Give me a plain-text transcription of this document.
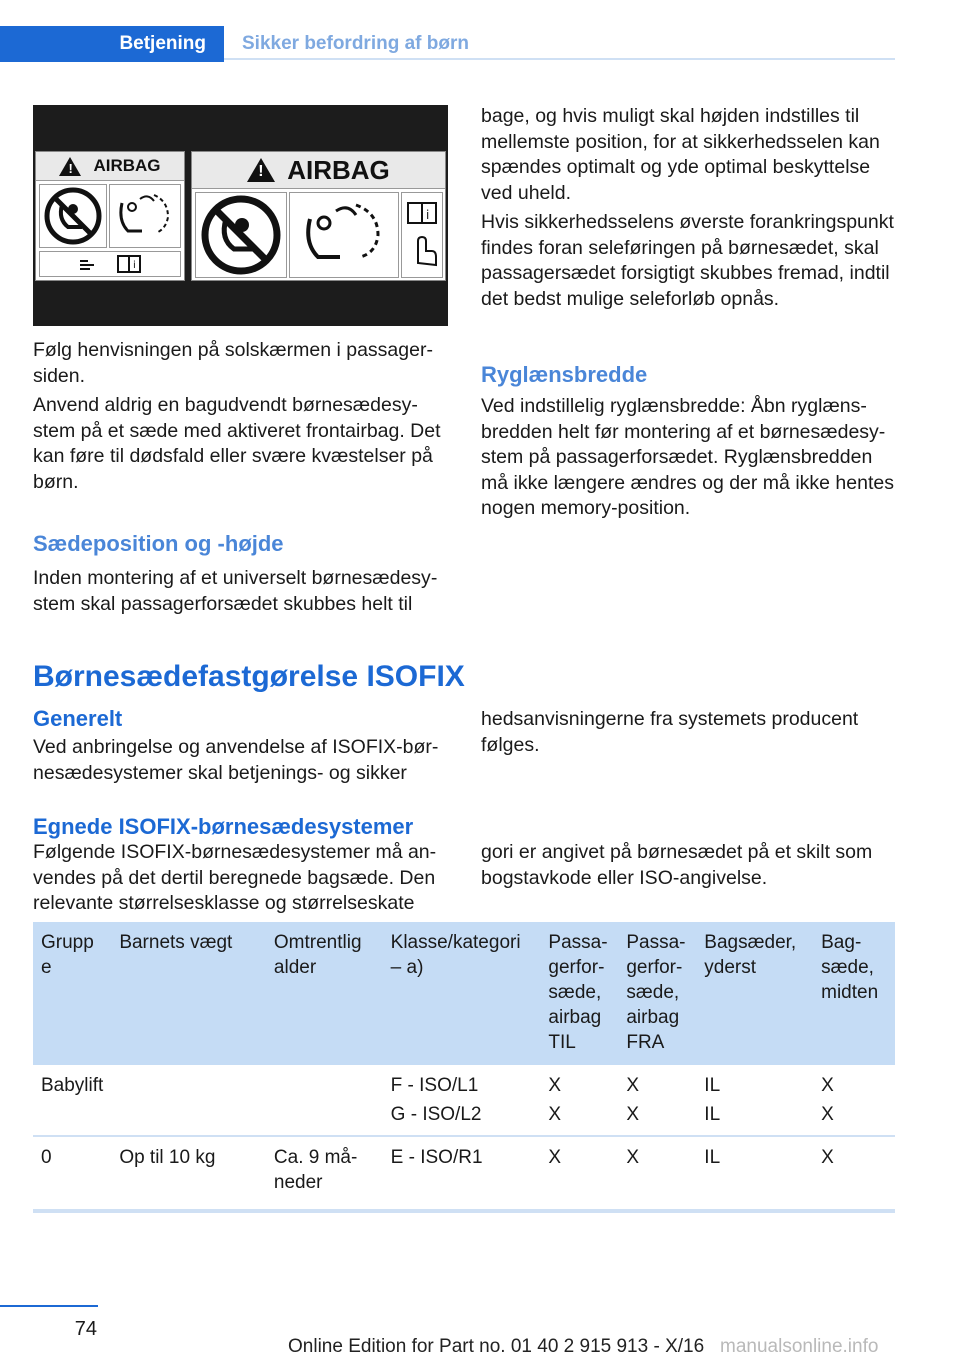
Betjening	Sikker befordring af børn
! AIRBAG
i
! AIRBAG
i

Følg henvisningen på solskærmen i passagersiden.

Anvend aldrig en bagudvendt børnesædesystem på et sæde med aktiveret frontairbag. Det kan føre til dødsfald eller svære kvæstelser på børn.

Sædeposition og -højde

Inden montering af et universelt børnesædesystem skal passagerforsædet skubbes helt til

bage, og hvis muligt skal højden indstilles til mellemste position, for at sikkerhedsselen kan spændes optimalt og yde optimal beskyttelse ved uheld.

Hvis sikkerhedsselens øverste forankringspunkt findes foran seleføringen på børnesædet, skal passagersædet forsigtigt skubbes fremad, indtil det bedst mulige seleforløb opnås.

Ryglænsbredde

Ved indstillelig ryglænsbredde: Åbn ryglænsbredden helt før montering af et børnesædesystem på passagerforsædet. Ryglænsbredden må ikke længere ændres og der må ikke hentes nogen memory-position.

Børnesædefastgørelse ISOFIX
Generelt

Ved anbringelse og anvendelse af ISOFIX-børnesædesystemer skal betjenings- og sikker

hedsanvisningerne fra systemets producent følges.

Egnede ISOFIX-børnesædesystemer

Følgende ISOFIX-børnesædesystemer må anvendes på det dertil beregnede bagsæde. Den relevante størrelsesklasse og størrelseskate

gori er angivet på børnesædet på et skilt som bogstavkode eller ISO-angivelse.

Grupp e	Barnets vægt	Omtrentlig alder	Klasse/kategori – a)	Passagerforsæde, airbag TIL	Passagerforsæde, airbag FRA	Bagsæder, yderst	Bagsæde, midten
Babylift			F - ISO/L1	X	X	IL	X
			G - ISO/L2	X	X	IL	X
0	Op til 10 kg	Ca. 9 måneder	E - ISO/R1	X	X	IL	X
74
Online Edition for Part no. 01 40 2 915 913 - X/16 manualsonline.info
